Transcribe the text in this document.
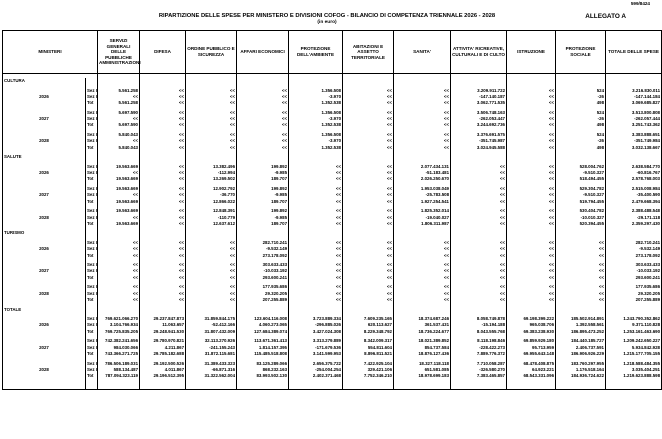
599/8424
RIPARTIZIONE DELLE SPESE PER MINISTERO E DIVISIONI COFOG - BILANCIO DI COMPETENZA TRIENNALE 2026 - 2028
(in euro)
ALLEGATO A
MINISTERI		SERVIZI GENERALI DELLE PUBBLICHE AMMINISTRAZIONI	DIFESA	ORDINE PUBBLICO E SICUREZZA	AFFARI ECONOMICI	PROTEZIONE DELL'AMBIENTE	ABITAZIONI E ASSETTO TERRITORIALE	SANITA'	ATTIVITA' RICREATIVE, CULTURALI E DI CULTO	ISTRUZIONE	PROTEZIONE SOCIALE	TOTALE DELLE SPESE

CULTURA												

	Sez I	5.561.258	<<	<<	<<	1.356.508	<<	<<	3.209.911.722	<<	524	3.216.830.011
2026	Sez II	<<	<<	<<	<<	-3.970	<<	<<	-147.140.187	<<	-26	-147.144.184
	Tot	5.561.258	<<	<<	<<	1.352.538	<<	<<	3.062.771.535	<<	498	3.069.685.827

	Sez I	5.697.590	<<	<<	<<	1.356.508	<<	<<	3.506.748.163	<<	524	3.513.800.808
2027	Sez II	<<	<<	<<	<<	-3.970	<<	<<	-262.053.447	<<	-26	-262.057.444
	Tot	5.697.590	<<	<<	<<	1.352.538	<<	<<	3.244.692.736	<<	498	3.251.743.362

	Sez I	5.840.043	<<	<<	<<	1.356.508	<<	<<	3.376.691.575	<<	524	3.383.888.651
2028	Sez II	<<	<<	<<	<<	-3.970	<<	<<	-351.745.987	<<	-26	-351.749.984
	Tot	5.840.043	<<	<<	<<	1.352.538	<<	<<	3.024.945.588	<<	498	3.032.138.667

SALUTE												

	Sez I	19.563.669	<<	13.382.496	199.892	<<	<<	2.077.434.131	<<	<<	528.004.762	2.638.584.770
2026	Sez II	<<	<<	-112.994	-9.985	<<	<<	-51.183.481	<<	<<	-9.510.327	-60.816.767
	Tot	19.563.669	<<	13.269.502	189.707	<<	<<	2.026.250.670	<<	<<	518.494.455	2.578.768.003

	Sez I	19.563.669	<<	12.902.792	199.892	<<	<<	1.953.038.049	<<	<<	529.304.782	2.515.008.984
2027	Sez II	<<	<<	-36.770	-9.985	<<	<<	-25.783.508	<<	<<	-9.510.327	-35.400.590
	Tot	19.563.669	<<	12.866.022	189.707	<<	<<	1.927.254.541	<<	<<	519.794.455	2.479.668.394

	Sez I	19.563.669	<<	12.848.391	199.892	<<	<<	1.825.352.014	<<	<<	530.404.782	2.388.488.548
2028	Sez II	<<	<<	-110.779	-9.985	<<	<<	-19.040.027	<<	<<	-10.010.327	-29.171.118
	Tot	19.563.669	<<	12.637.612	189.707	<<	<<	1.806.311.987	<<	<<	520.394.455	2.359.297.430

TURISMO												

	Sez I	<<	<<	<<	282.710.241	<<	<<	<<	<<	<<	<<	282.710.241
2026	Sez II	<<	<<	<<	-9.532.149	<<	<<	<<	<<	<<	<<	-9.532.149
	Tot	<<	<<	<<	273.178.092	<<	<<	<<	<<	<<	<<	273.178.092

	Sez I	<<	<<	<<	303.633.433	<<	<<	<<	<<	<<	<<	303.633.433
2027	Sez II	<<	<<	<<	-10.033.192	<<	<<	<<	<<	<<	<<	-10.033.192
	Tot	<<	<<	<<	293.600.241	<<	<<	<<	<<	<<	<<	293.600.241

	Sez I	<<	<<	<<	177.935.686	<<	<<	<<	<<	<<	<<	177.935.686
2028	Sez II	<<	<<	<<	29.320.205	<<	<<	<<	<<	<<	<<	29.320.205
	Tot	<<	<<	<<	207.255.889	<<	<<	<<	<<	<<	<<	207.255.889

TOTALE												

	Sez I	769.621.066.270	29.237.847.873	31.859.844.175	123.604.116.008	3.723.889.334	7.609.235.165	18.374.687.246	8.058.749.878	69.198.399.222	185.502.914.891	1.243.790.352.862
2026	Sez II	3.104.766.934	11.063.657	-52.412.166	4.060.273.065	-296.885.026	620.113.627	361.537.431	-15.194.188	965.038.706	1.392.558.561	9.371.110.828
	Tot	769.725.835.205	29.248.941.530	31.807.432.009	127.684.389.074	3.427.024.308	8.229.348.792	18.736.224.677	8.043.555.768	69.383.238.930	186.895.473.252	1.253.161.463.690

	Sez I	742.382.241.656	29.780.970.821	32.113.270.926	113.671.361.413	3.313.279.889	8.342.009.317	18.021.389.852	8.118.198.846	69.859.929.180	184.440.185.727	1.209.242.650.227
2027	Sez II	984.030.066	4.211.867	-241.155.243	1.814.157.395	-171.679.536	554.811.604	854.737.584	-228.422.273	95.713.959	2.406.737.591	5.934.842.928
	Tot	743.366.271.725	29.785.182.688	31.872.115.681	115.485.518.808	3.141.599.953	8.896.811.521	18.876.127.436	7.889.776.372	69.955.643.148	186.906.926.229	1.215.177.705.155

	Sez I	786.506.189.031	29.192.500.526	31.389.433.323	83.125.289.066	2.656.375.722	7.422.925.104	18.327.118.118	7.710.058.287	68.478.408.875	183.760.297.955	1.218.588.484.355
2028	Sez II	588.134.487	4.011.867	-66.871.316	868.232.163	-254.004.254	329.421.106	651.581.085	-326.580.270	64.923.221	1.176.518.164	3.035.404.251
	Tot	787.094.323.119	29.196.512.395	31.322.562.004	83.993.502.130	2.402.371.468	7.752.346.210	18.978.699.183	7.383.465.857	68.543.331.096	184.936.724.622	1.219.623.888.598
